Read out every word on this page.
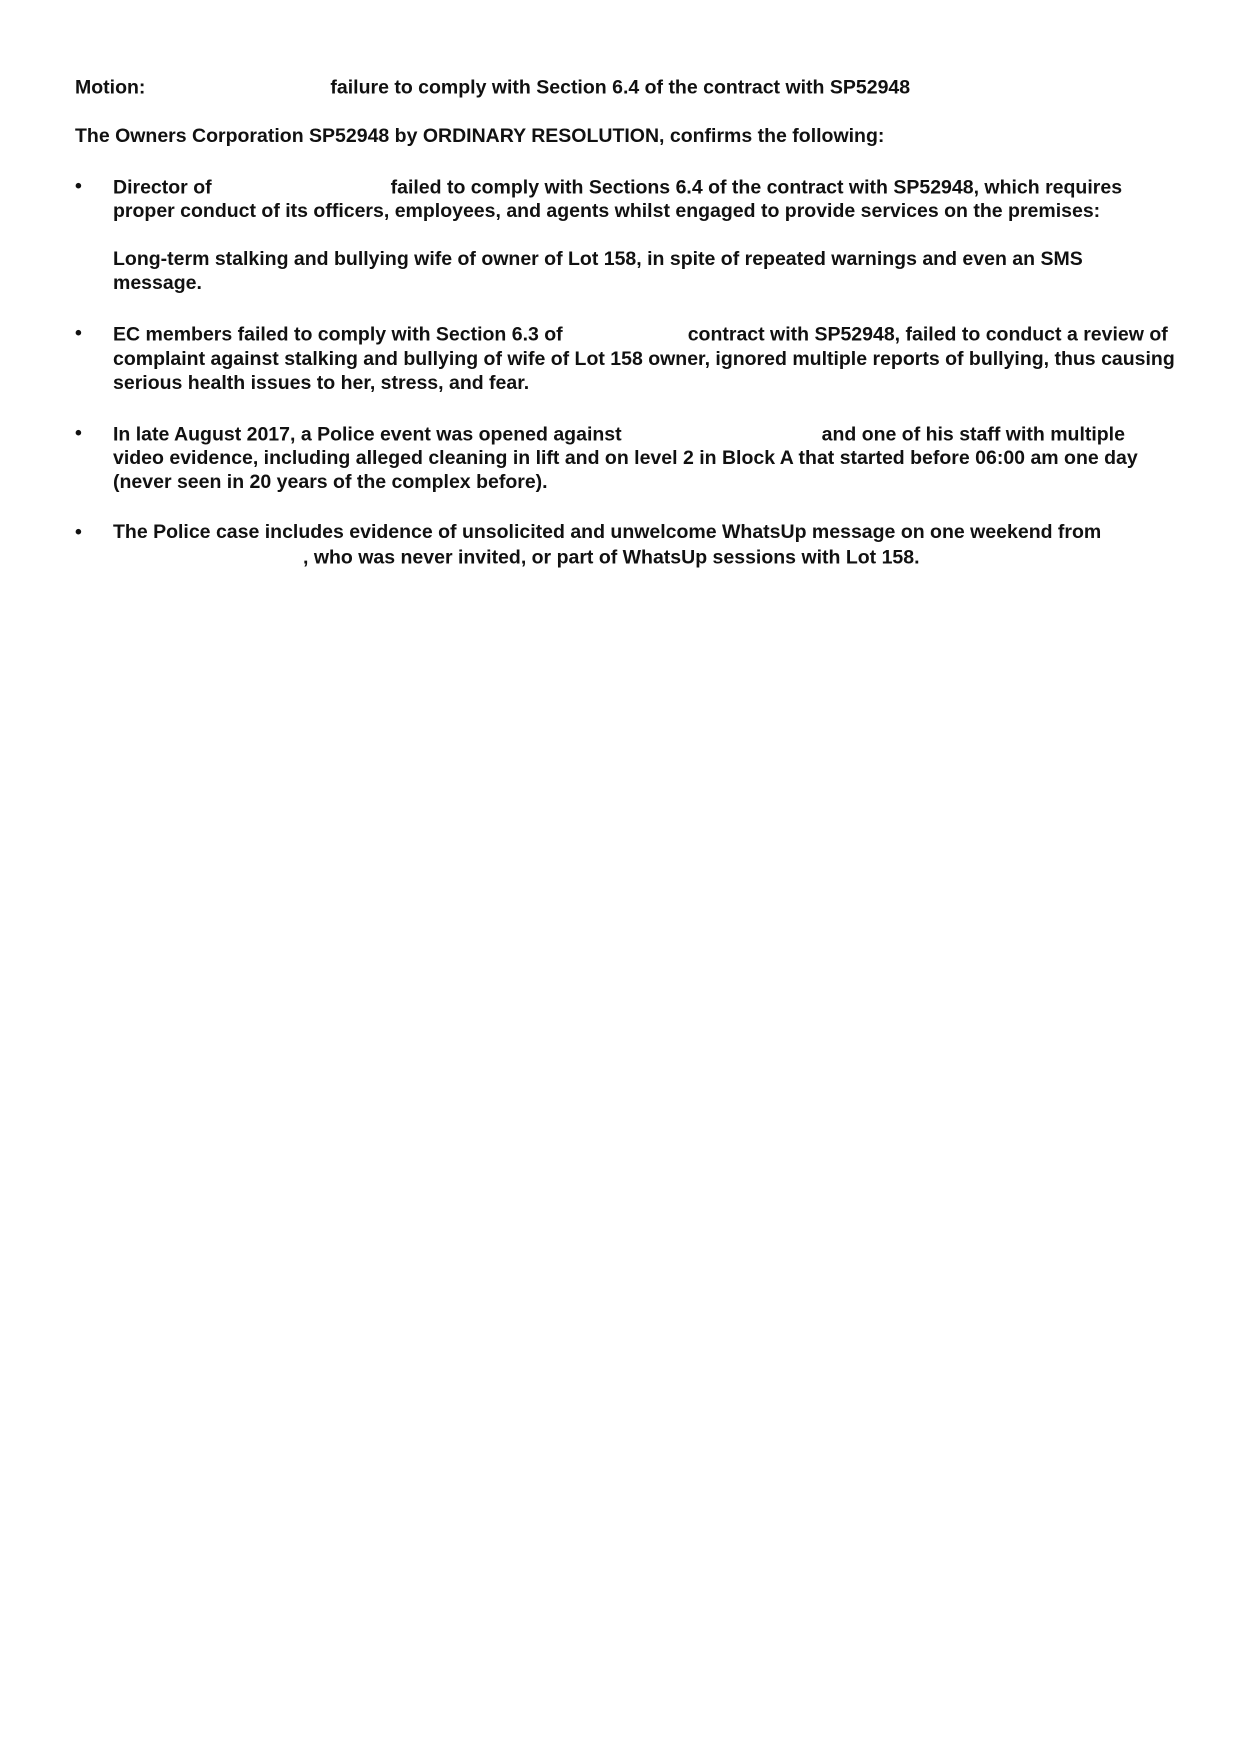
Motion:	failure to comply with Section 6.4 of the contract with SP52948

The Owners Corporation SP52948 by ORDINARY RESOLUTION, confirms the following:

•	Director of	failed to comply with Sections 6.4 of the contract with SP52948, which requires proper conduct of its officers, employees, and agents whilst engaged to provide services on the premises:
Long-term stalking and bullying wife of owner of Lot 158, in spite of repeated warnings and even an SMS message.
•	EC members failed to comply with Section 6.3 of	contract with SP52948, failed to conduct a review of complaint against stalking and bullying of wife of Lot 158 owner, ignored multiple reports of bullying, thus causing serious health issues to her, stress, and fear.
•	In late August 2017, a Police event was opened against	and one of his staff with multiple video evidence, including alleged cleaning in lift and on level 2 in Block A that started before 06:00 am one day (never seen in 20 years of the complex before).
•	The Police case includes evidence of unsolicited and unwelcome WhatsUp message on one weekend from, who was never invited, or part of WhatsUp sessions with Lot 158.
